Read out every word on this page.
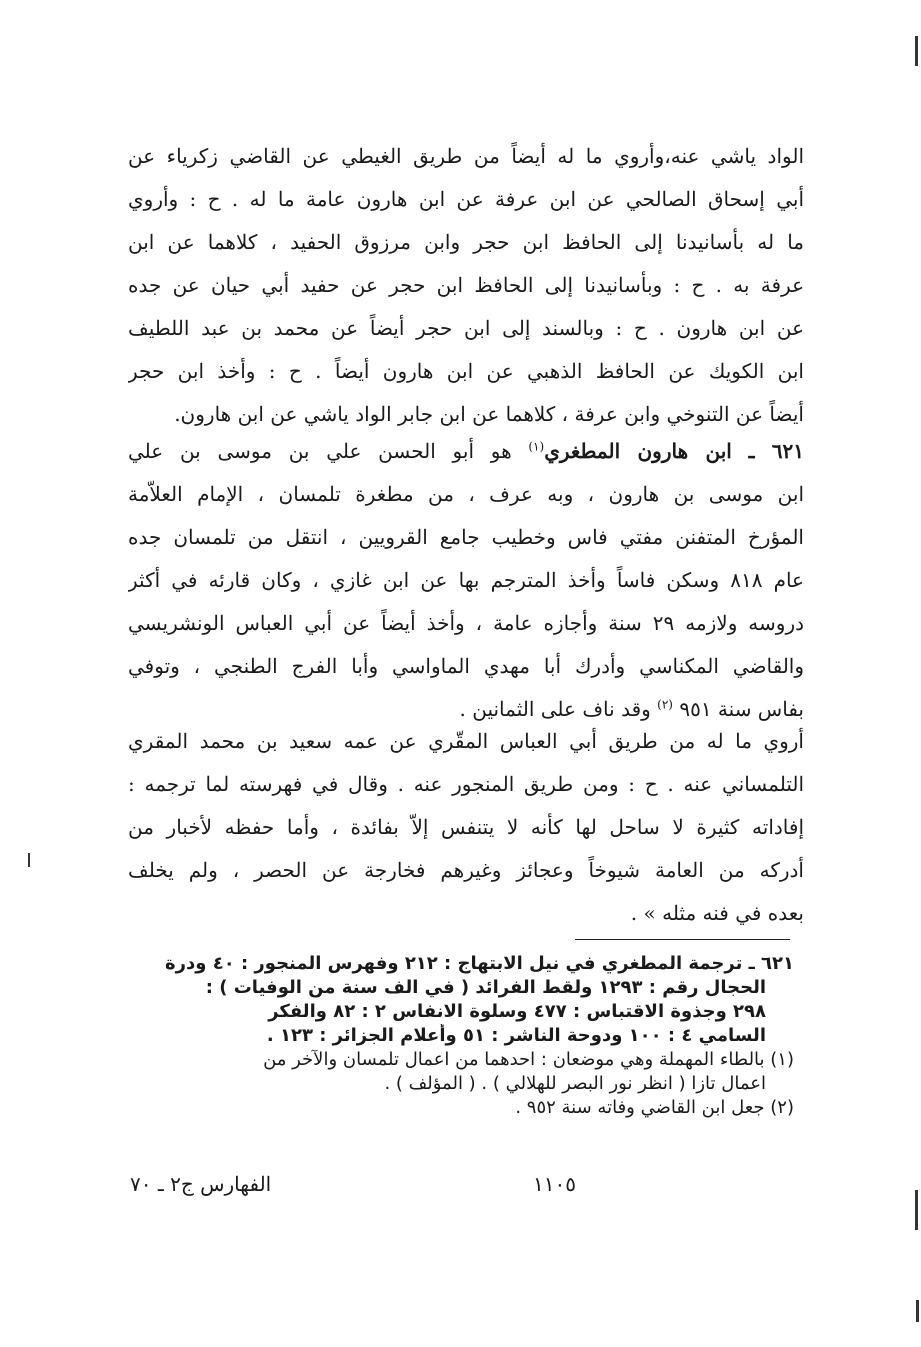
الواد ياشي عنه،وأروي ما له أيضاً من طريق الغيطي عن القاضي زكرياء عن
أبي إسحاق الصالحي عن ابن عرفة عن ابن هارون عامة ما له . ح : وأروي
ما له بأسانيدنا إلى الحافظ ابن حجر وابن مرزوق الحفيد ، كلاهما عن ابن
عرفة به . ح : وبأسانيدنا إلى الحافظ ابن حجر عن حفيد أبي حيان عن جده
عن ابن هارون . ح : وبالسند إلى ابن حجر أيضاً عن محمد بن عبد اللطيف
ابن الكويك عن الحافظ الذهبي عن ابن هارون أيضاً . ح : وأخذ ابن حجر
أيضاً عن التنوخي وابن عرفة ، كلاهما عن ابن جابر الواد ياشي عن ابن هارون.
٦٢١ ـ ابن هارون المطغري$^{(١)}$ هو أبو الحسن علي بن موسى بن علي
ابن موسى بن هارون ، وبه عرف ، من مطغرة تلمسان ، الإمام العلاّمة
المؤرخ المتفنن مفتي فاس وخطيب جامع القرويين ، انتقل من تلمسان جده
عام ٨١٨ وسكن فاساً وأخذ المترجم بها عن ابن غازي ، وكان قارئه في أكثر
دروسه ولازمه ٢٩ سنة وأجازه عامة ، وأخذ أيضاً عن أبي العباس الونشريسي
والقاضي المكناسي وأدرك أبا مهدي الماواسي وأبا الفرج الطنجي ، وتوفي
بفاس سنة ٩٥١ $^{(٢)}$ وقد ناف على الثمانين .
أروي ما له من طريق أبي العباس المقّري عن عمه سعيد بن محمد المقري
التلمساني عنه . ح : ومن طريق المنجور عنه . وقال في فهرسته لما ترجمه :
إفاداته كثيرة لا ساحل لها كأنه لا يتنفس إلاّ بفائدة ، وأما حفظه لأخبار من
أدركه من العامة شيوخاً وعجائز وغيرهم فخارجة عن الحصر ، ولم يخلف
بعده في فنه مثله » .
٦٢١ ـ ترجمة المطغري في نيل الابتهاج : ٢١٢ وفهرس المنجور : ٤٠ ودرة
الحجال رقم : ١٢٩٣ ولقط الفرائد ( في الف سنة من الوفيات ) :
٢٩٨ وجذوة الاقتباس : ٤٧٧ وسلوة الانفاس ٢ : ٨٢ والفكر
السامي ٤ : ١٠٠ ودوحة الناشر : ٥١ وأعلام الجزائر : ١٢٣ .
(١) بالطاء المهملة وهي موضعان : احدهما من اعمال تلمسان والآخر من
اعمال تازا ( انظر نور البصر للهلالي ) . ( المؤلف ) .
(٢) جعل ابن القاضي وفاته سنة ٩٥٢ .
١١٠٥
الفهارس ج٢ ـ ٧٠
